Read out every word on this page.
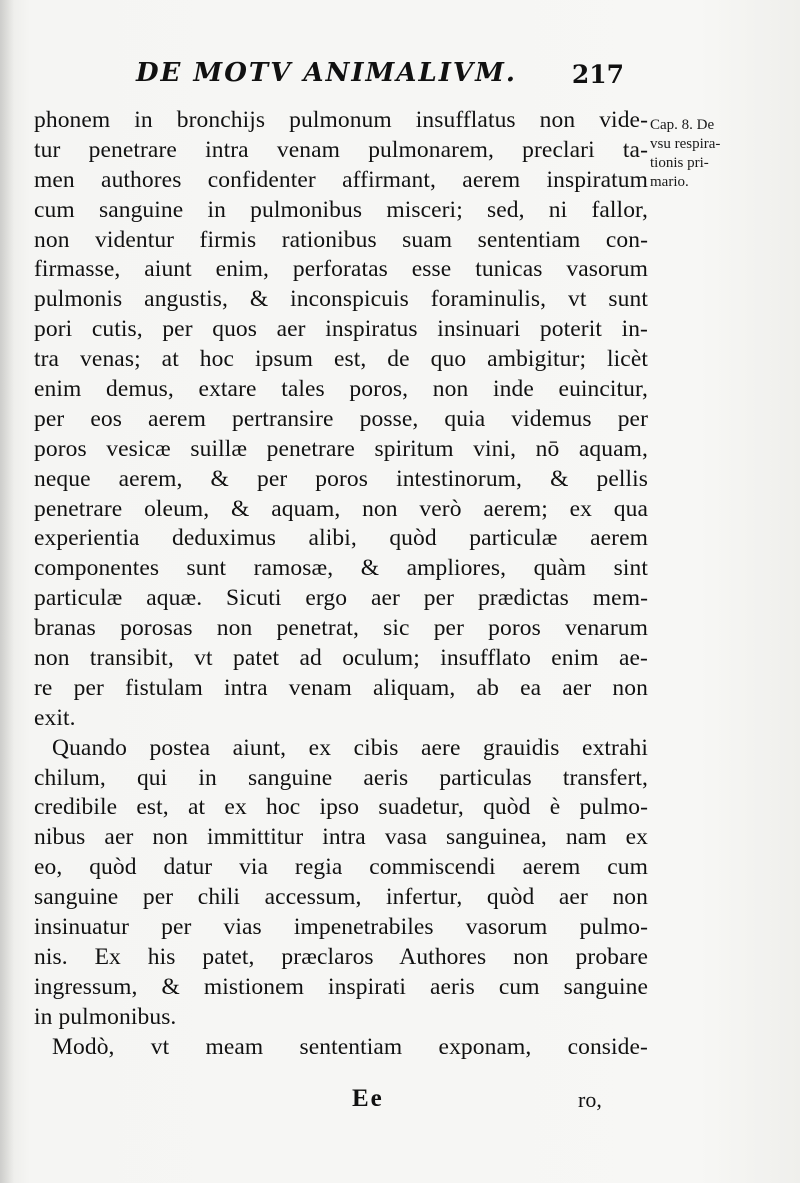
DE MOTV ANIMALIVM. 217
Cap. 8. De
vsu respira-
tionis pri-
mario.
phonem in bronchijs pulmonum insufflatus non vide-
tur penetrare intra venam pulmonarem, preclari ta-
men authores confidenter affirmant, aerem inspiratum
cum sanguine in pulmonibus misceri; sed, ni fallor,
non videntur firmis rationibus suam sententiam con-
firmasse, aiunt enim, perforatas esse tunicas vasorum
pulmonis angustis, & inconspicuis foraminulis, vt sunt
pori cutis, per quos aer inspiratus insinuari poterit in-
tra venas; at hoc ipsum est, de quo ambigitur; licèt
enim demus, extare tales poros, non inde euincitur,
per eos aerem pertransire posse, quia videmus per
poros vesicæ suillæ penetrare spiritum vini, nō aquam,
neque aerem, & per poros intestinorum, & pellis
penetrare oleum, & aquam, non verò aerem; ex qua
experientia deduximus alibi, quòd particulæ aerem
componentes sunt ramosæ, & ampliores, quàm sint
particulæ aquæ. Sicuti ergo aer per prædictas mem-
branas porosas non penetrat, sic per poros venarum
non transibit, vt patet ad oculum; insufflato enim ae-
re per fistulam intra venam aliquam, ab ea aer non
exit.
Quando postea aiunt, ex cibis aere grauidis extrahi
chilum, qui in sanguine aeris particulas transfert,
credibile est, at ex hoc ipso suadetur, quòd è pulmo-
nibus aer non immittitur intra vasa sanguinea, nam ex
eo, quòd datur via regia commiscendi aerem cum
sanguine per chili accessum, infertur, quòd aer non
insinuatur per vias impenetrabiles vasorum pulmo-
nis. Ex his patet, præclaros Authores non probare
ingressum, & mistionem inspirati aeris cum sanguine
in pulmonibus.
Modò, vt meam sententiam exponam, conside-
Ee	ro,
